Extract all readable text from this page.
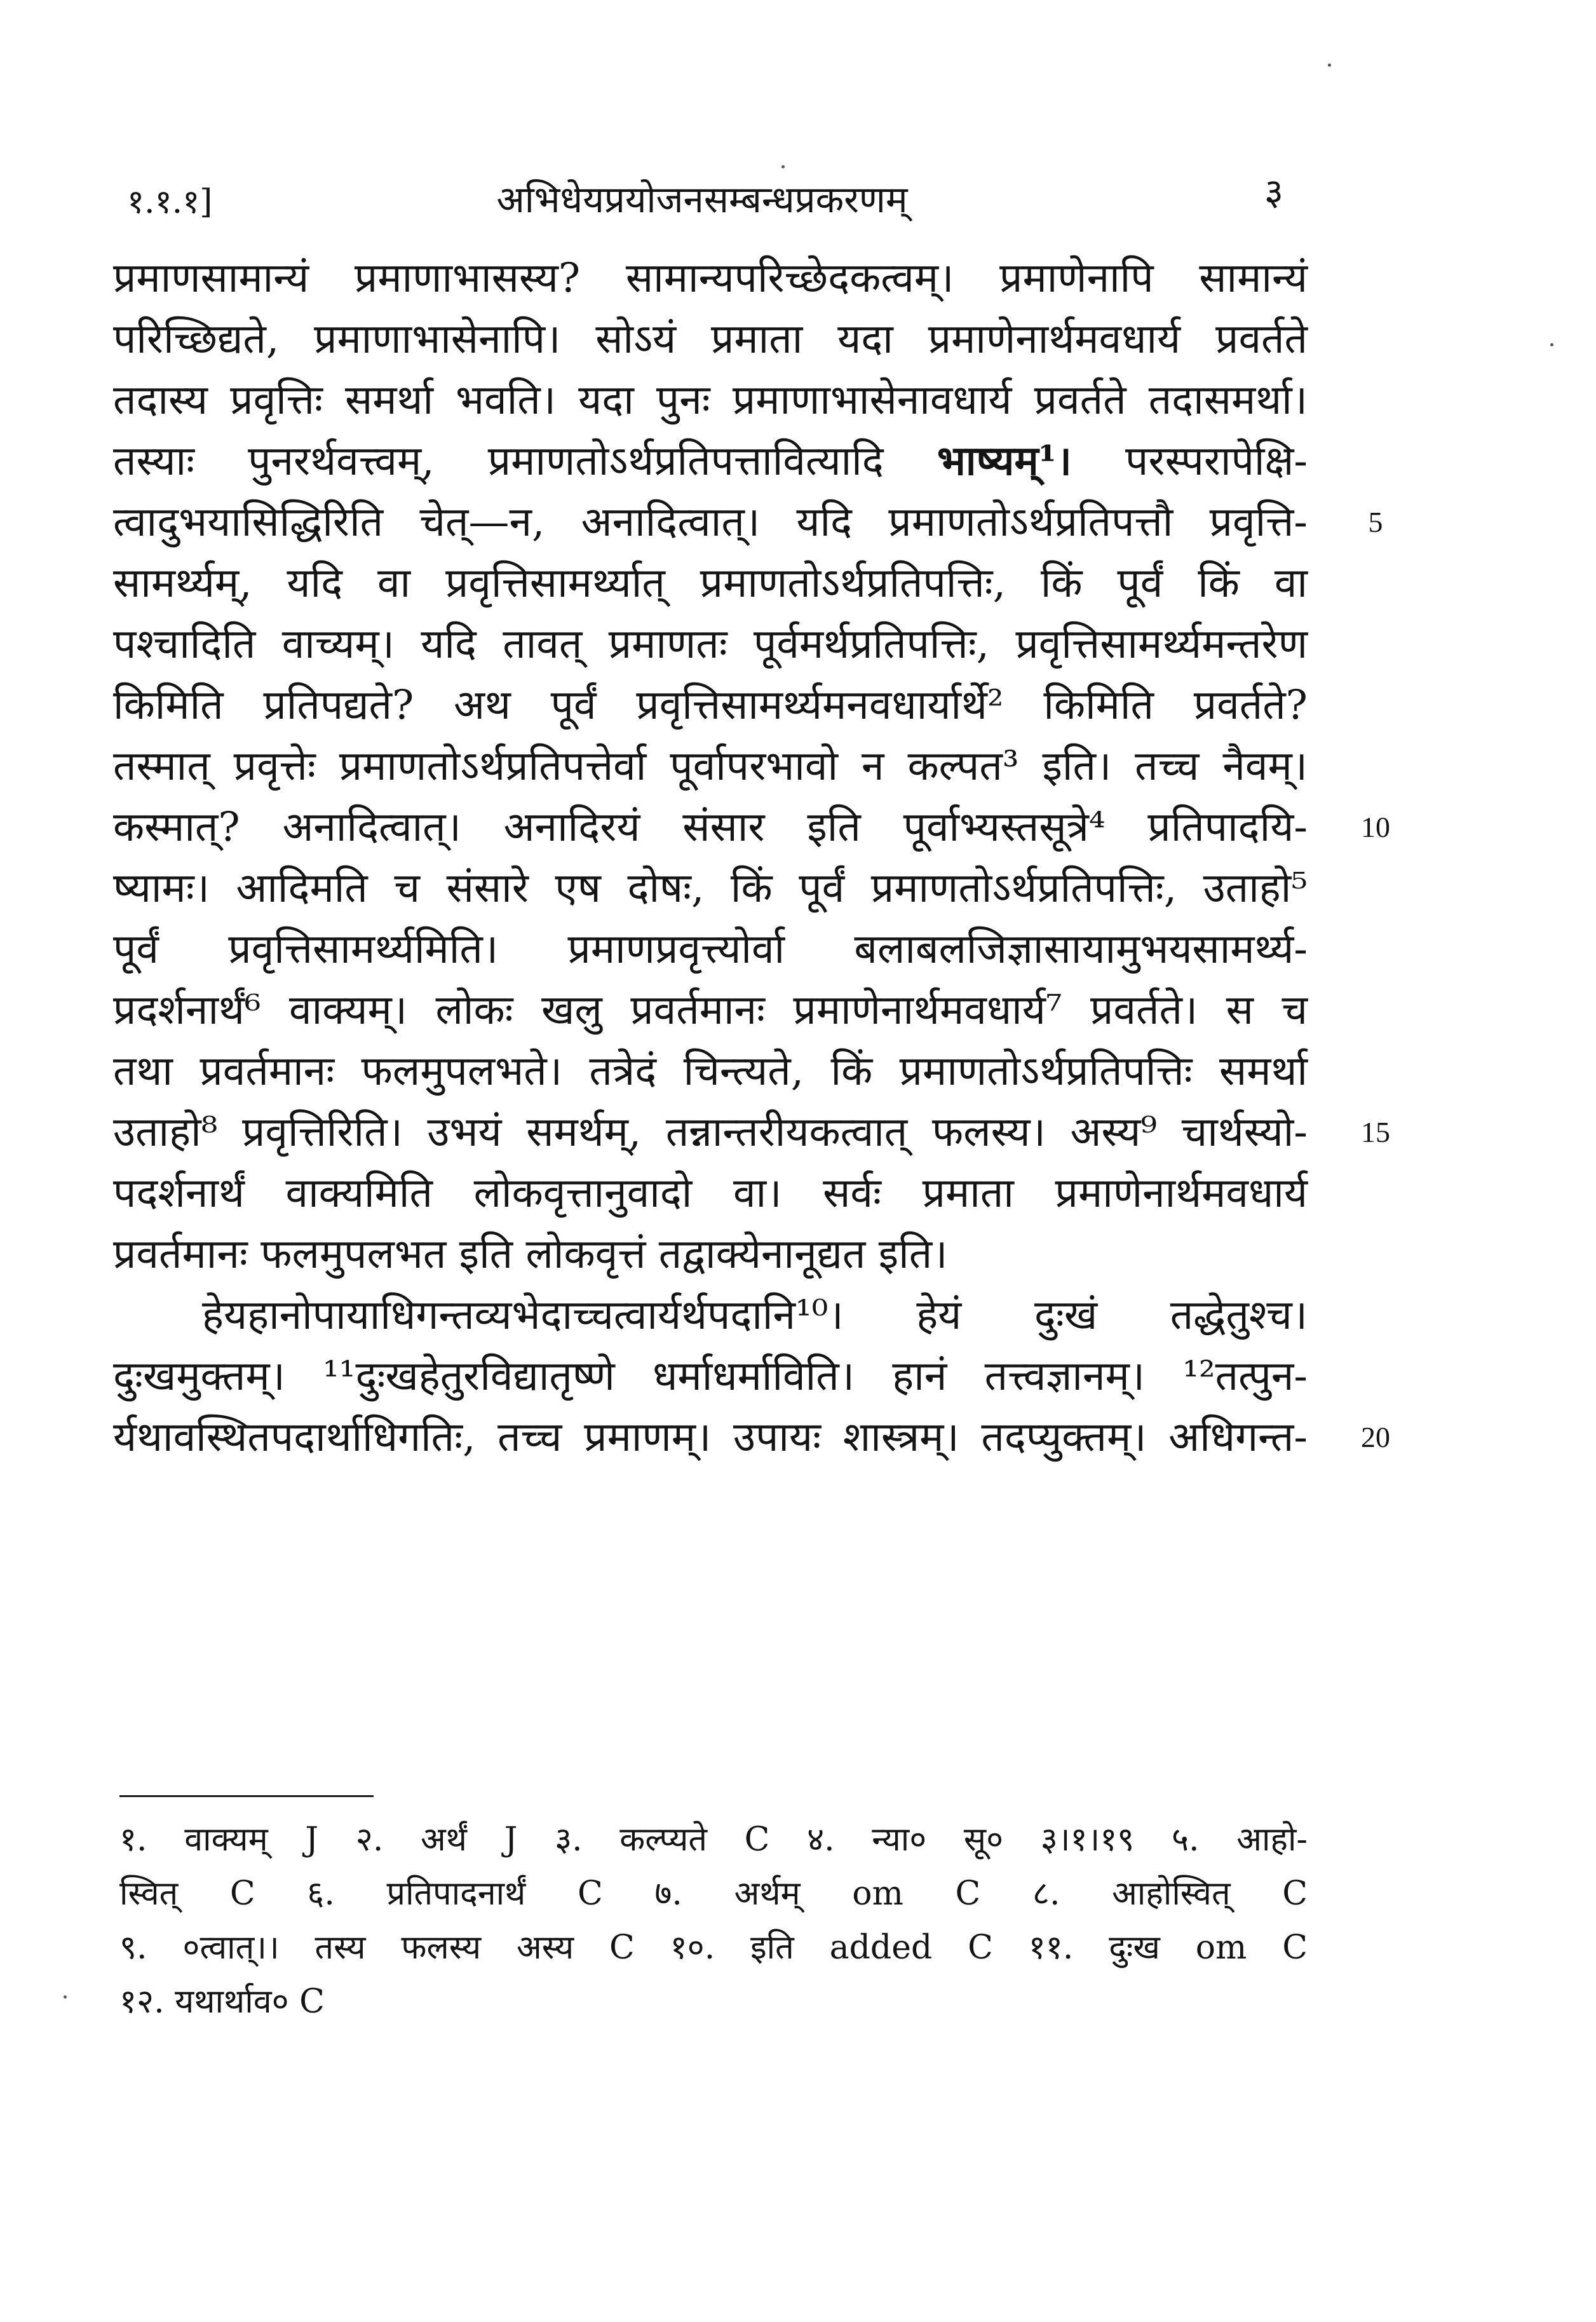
१.१.१]	अभिधेयप्रयोजनसम्बन्धप्रकरणम्	३
प्रमाणसामान्यं प्रमाणाभासस्य? सामान्यपरिच्छेदकत्वम्। प्रमाणेनापि सामान्यं
परिच्छिद्यते, प्रमाणाभासेनापि। सोऽयं प्रमाता यदा प्रमाणेनार्थमवधार्य प्रवर्तते
तदास्य प्रवृत्तिः समर्था भवति। यदा पुनः प्रमाणाभासेनावधार्य प्रवर्तते तदासमर्था।
तस्याः पुनरर्थवत्त्वम्, प्रमाणतोऽर्थप्रतिपत्तावित्यादि भाष्यम्¹। परस्परापेक्षि-
त्वादुभयासिद्धिरिति चेत्—न, अनादित्वात्। यदि प्रमाणतोऽर्थप्रतिपत्तौ प्रवृत्ति-
सामर्थ्यम्, यदि वा प्रवृत्तिसामर्थ्यात् प्रमाणतोऽर्थप्रतिपत्तिः, किं पूर्वं किं वा
पश्चादिति वाच्यम्। यदि तावत् प्रमाणतः पूर्वमर्थप्रतिपत्तिः, प्रवृत्तिसामर्थ्यमन्तरेण
किमिति प्रतिपद्यते? अथ पूर्वं प्रवृत्तिसामर्थ्यमनवधार्यार्थे² किमिति प्रवर्तते?
तस्मात् प्रवृत्तेः प्रमाणतोऽर्थप्रतिपत्तेर्वा पूर्वापरभावो न कल्पत³ इति। तच्च नैवम्।
कस्मात्? अनादित्वात्। अनादिरयं संसार इति पूर्वाभ्यस्तसूत्रे⁴ प्रतिपादयि-
ष्यामः। आदिमति च संसारे एष दोषः, किं पूर्वं प्रमाणतोऽर्थप्रतिपत्तिः, उताहो⁵
पूर्वं प्रवृत्तिसामर्थ्यमिति। प्रमाणप्रवृत्त्योर्वा बलाबलजिज्ञासायामुभयसामर्थ्य-
प्रदर्शनार्थं⁶ वाक्यम्। लोकः खलु प्रवर्तमानः प्रमाणेनार्थमवधार्य⁷ प्रवर्तते। स च
तथा प्रवर्तमानः फलमुपलभते। तत्रेदं चिन्त्यते, किं प्रमाणतोऽर्थप्रतिपत्तिः समर्था
उताहो⁸ प्रवृत्तिरिति। उभयं समर्थम्, तन्नान्तरीयकत्वात् फलस्य। अस्य⁹ चार्थस्यो-
पदर्शनार्थं वाक्यमिति लोकवृत्तानुवादो वा। सर्वः प्रमाता प्रमाणेनार्थमवधार्य
प्रवर्तमानः फलमुपलभत इति लोकवृत्तं तद्वाक्येनानूद्यत इति।
हेयहानोपायाधिगन्तव्यभेदाच्चत्वार्यर्थपदानि¹⁰। हेयं दुःखं तद्धेतुश्च।
दुःखमुक्तम्। ¹¹दुःखहेतुरविद्यातृष्णे धर्माधर्माविति। हानं तत्त्वज्ञानम्। ¹²तत्पुन-
र्यथावस्थितपदार्थाधिगतिः, तच्च प्रमाणम्। उपायः शास्त्रम्। तदप्युक्तम्। अधिगन्त-
5
10
15
20
१. वाक्यम् J २. अर्थं J ३. कल्प्यते C ४. न्या० सू० ३।१।१९ ५. आहो-
स्वित् C ६. प्रतिपादनार्थं C ७. अर्थम् om C ८. आहोस्वित् C
९. ०त्वात्।। तस्य फलस्य अस्य C १०. इति added C ११. दुःख om C
१२. यथार्थाव० C
